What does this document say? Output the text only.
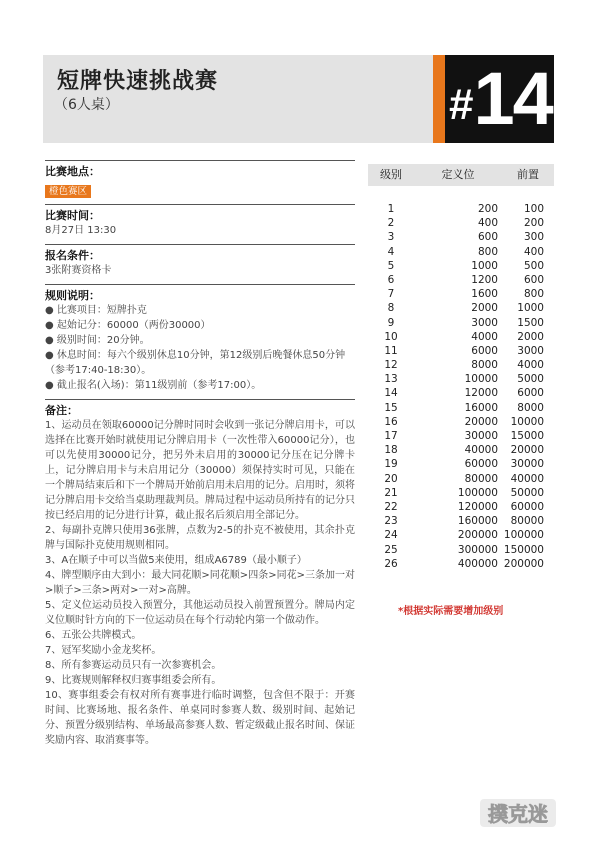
短牌快速挑战赛
（6人桌）	#14
比赛地点：
橙色赛区
比赛时间：
8月27日 13:30
报名条件：
3张附赛资格卡
规则说明：
● 比赛项目：短牌扑克
● 起始记分：60000（两份30000）
● 级别时间：20分钟。
● 休息时间：每六个级别休息10分钟，第12级别后晚餐休息50分钟（参考17:40-18:30）。
● 截止报名(入场)：第11级别前（参考17:00）。
备注：
1、运动员在领取60000记分牌时同时会收到一张记分牌启用卡，可以选择在比赛开始时就使用记分牌启用卡（一次性带入60000记分），也可以先使用30000记分，把另外未启用的30000记分压在记分牌卡上，记分牌启用卡与未启用记分（30000）须保持实时可见，只能在一个牌局结束后和下一个牌局开始前启用未启用的记分。启用时，须将记分牌启用卡交给当桌助理裁判员。牌局过程中运动员所持有的记分只按已经启用的记分进行计算，截止报名后须启用全部记分。
2、每副扑克牌只使用36张牌，点数为2-5的扑克不被使用，其余扑克牌与国际扑克使用规则相同。
3、A在顺子中可以当做5来使用，组成A6789（最小顺子）
4、牌型顺序由大到小：最大同花顺>同花顺>四条>同花>三条加一对>顺子>三条>两对>一对>高牌。
5、定义位运动员投入预置分，其他运动员投入前置预置分。牌局内定义位顺时针方向的下一位运动员在每个行动轮内第一个做动作。
6、五张公共牌模式。
7、冠军奖励小金龙奖杯。
8、所有参赛运动员只有一次参赛机会。
9、比赛规则解释权归赛事组委会所有。
10、赛事组委会有权对所有赛事进行临时调整，包含但不限于：开赛时间、比赛场地、报名条件、单桌同时参赛人数、级别时间、起始记分、预置分级别结构、单场最高参赛人数、暂定级截止报名时间、保证奖励内容、取消赛事等。
级别	定义位	前置
1	200	100
2	400	200
3	600	300
4	800	400
5	1000	500
6	1200	600
7	1600	800
8	2000	1000
9	3000	1500
10	4000	2000
11	6000	3000
12	8000	4000
13	10000	5000
14	12000	6000
15	16000	8000
16	20000	10000
17	30000	15000
18	40000	20000
19	60000	30000
20	80000	40000
21	100000	50000
22	120000	60000
23	160000	80000
24	200000 100000
25	300000 150000
26	400000 200000
*根据实际需要增加级别
撲克迷
